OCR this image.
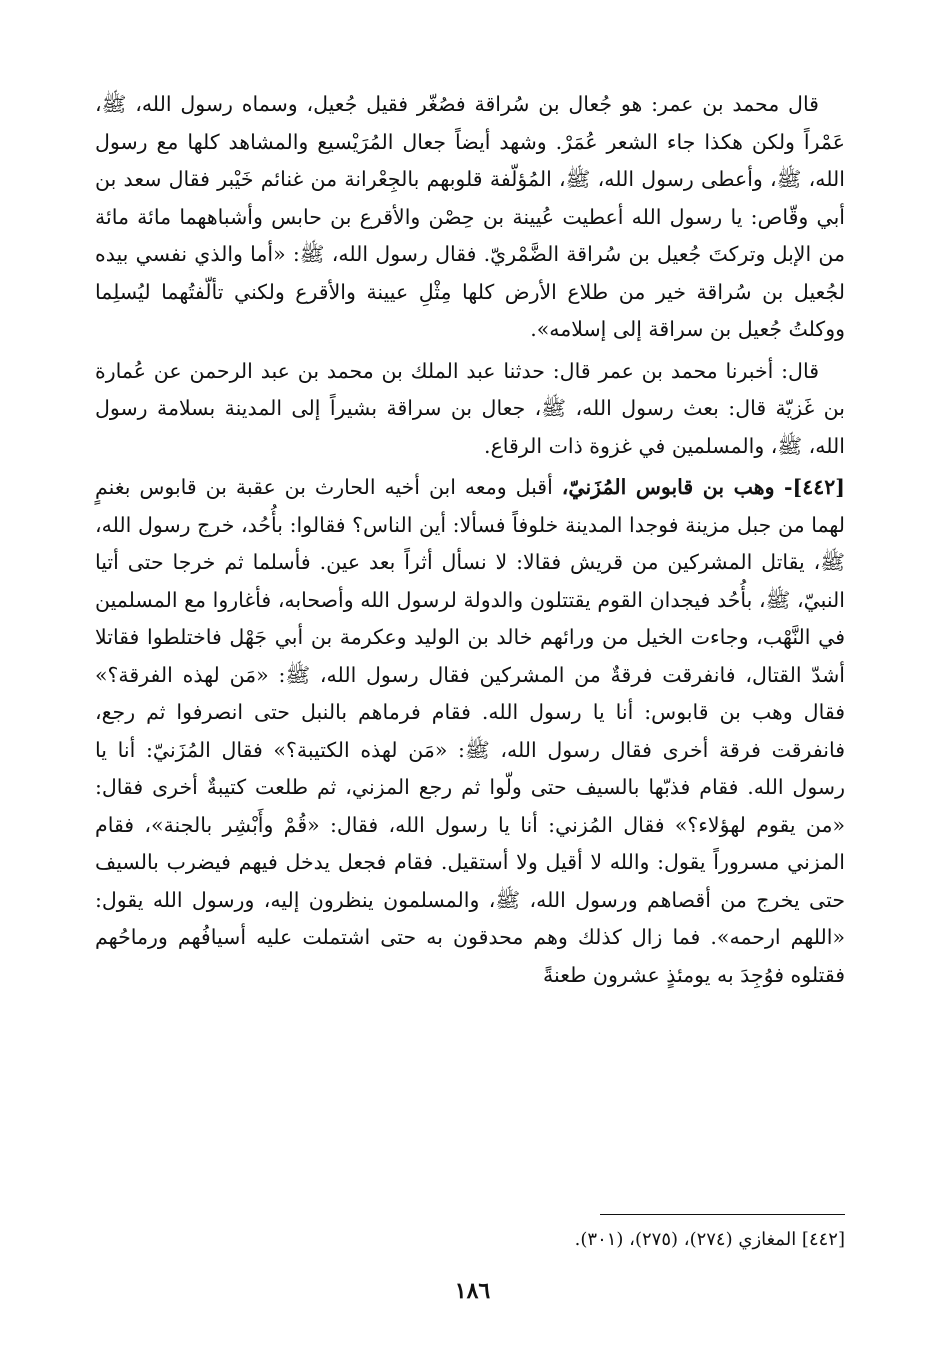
قال محمد بن عمر: هو جُعال بن سُراقة فصُغّر فقيل جُعيل، وسماه رسول الله، ﷺ، عَمْراً ولكن هكذا جاء الشعر عُمَرْ. وشهد أيضاً جعال المُرَيْسيع والمشاهد كلها مع رسول الله، ﷺ، وأعطى رسول الله، ﷺ، المُؤلّفة قلوبهم بالجِعْرانة من غنائم خَيْبر فقال سعد بن أبي وقّاص: يا رسول الله أعطيت عُيينة بن حِصْن والأقرع بن حابس وأشباههما مائة مائة من الإبل وتركتَ جُعيل بن سُراقة الضَّمْريّ. فقال رسول الله، ﷺ: «أما والذي نفسي بيده لجُعيل بن سُراقة خير من طلاع الأرض كلها مِثْلِ عيينة والأقرع ولكني تألّفتُهما ليُسلِما ووكلتُ جُعيل بن سراقة إلى إسلامه».

قال: أخبرنا محمد بن عمر قال: حدثنا عبد الملك بن محمد بن عبد الرحمن عن عُمارة بن غَزيّة قال: بعث رسول الله، ﷺ، جعال بن سراقة بشيراً إلى المدينة بسلامة رسول الله، ﷺ، والمسلمين في غزوة ذات الرقاع.

[٤٤٢]- وهب بن قابوس المُزَنيّ، أقبل ومعه ابن أخيه الحارث بن عقبة بن قابوس بغنمٍ لهما من جبل مزينة فوجدا المدينة خلوفاً فسألا: أين الناس؟ فقالوا: بأُحُد، خرج رسول الله، ﷺ، يقاتل المشركين من قريش فقالا: لا نسأل أثراً بعد عين. فأسلما ثم خرجا حتى أتيا النبيّ، ﷺ، بأُحُد فيجدان القوم يقتتلون والدولة لرسول الله وأصحابه، فأغاروا مع المسلمين في النَّهْب، وجاءت الخيل من ورائهم خالد بن الوليد وعكرمة بن أبي جَهْل فاختلطوا فقاتلا أشدّ القتال، فانفرقت فرقةٌ من المشركين فقال رسول الله، ﷺ: «مَن لهذه الفرقة؟» فقال وهب بن قابوس: أنا يا رسول الله. فقام فرماهم بالنبل حتى انصرفوا ثم رجع، فانفرقت فرقة أخرى فقال رسول الله، ﷺ: «مَن لهذه الكتيبة؟» فقال المُزَنيّ: أنا يا رسول الله. فقام فذبّها بالسيف حتى ولّوا ثم رجع المزني، ثم طلعت كتيبةٌ أخرى فقال: «من يقوم لهؤلاء؟» فقال المُزني: أنا يا رسول الله، فقال: «قُمْ وأَبْشِر بالجنة»، فقام المزني مسروراً يقول: والله لا أقيل ولا أستقيل. فقام فجعل يدخل فيهم فيضرب بالسيف حتى يخرج من أقصاهم ورسول الله، ﷺ، والمسلمون ينظرون إليه، ورسول الله يقول: «اللهم ارحمه». فما زال كذلك وهم محدقون به حتى اشتملت عليه أسيافُهم ورماحُهم فقتلوه فوُجِدَ به يومئذٍ عشرون طعنةً

[٤٤٢] المغازي (٢٧٤)، (٢٧٥)، (٣٠١).
١٨٦
